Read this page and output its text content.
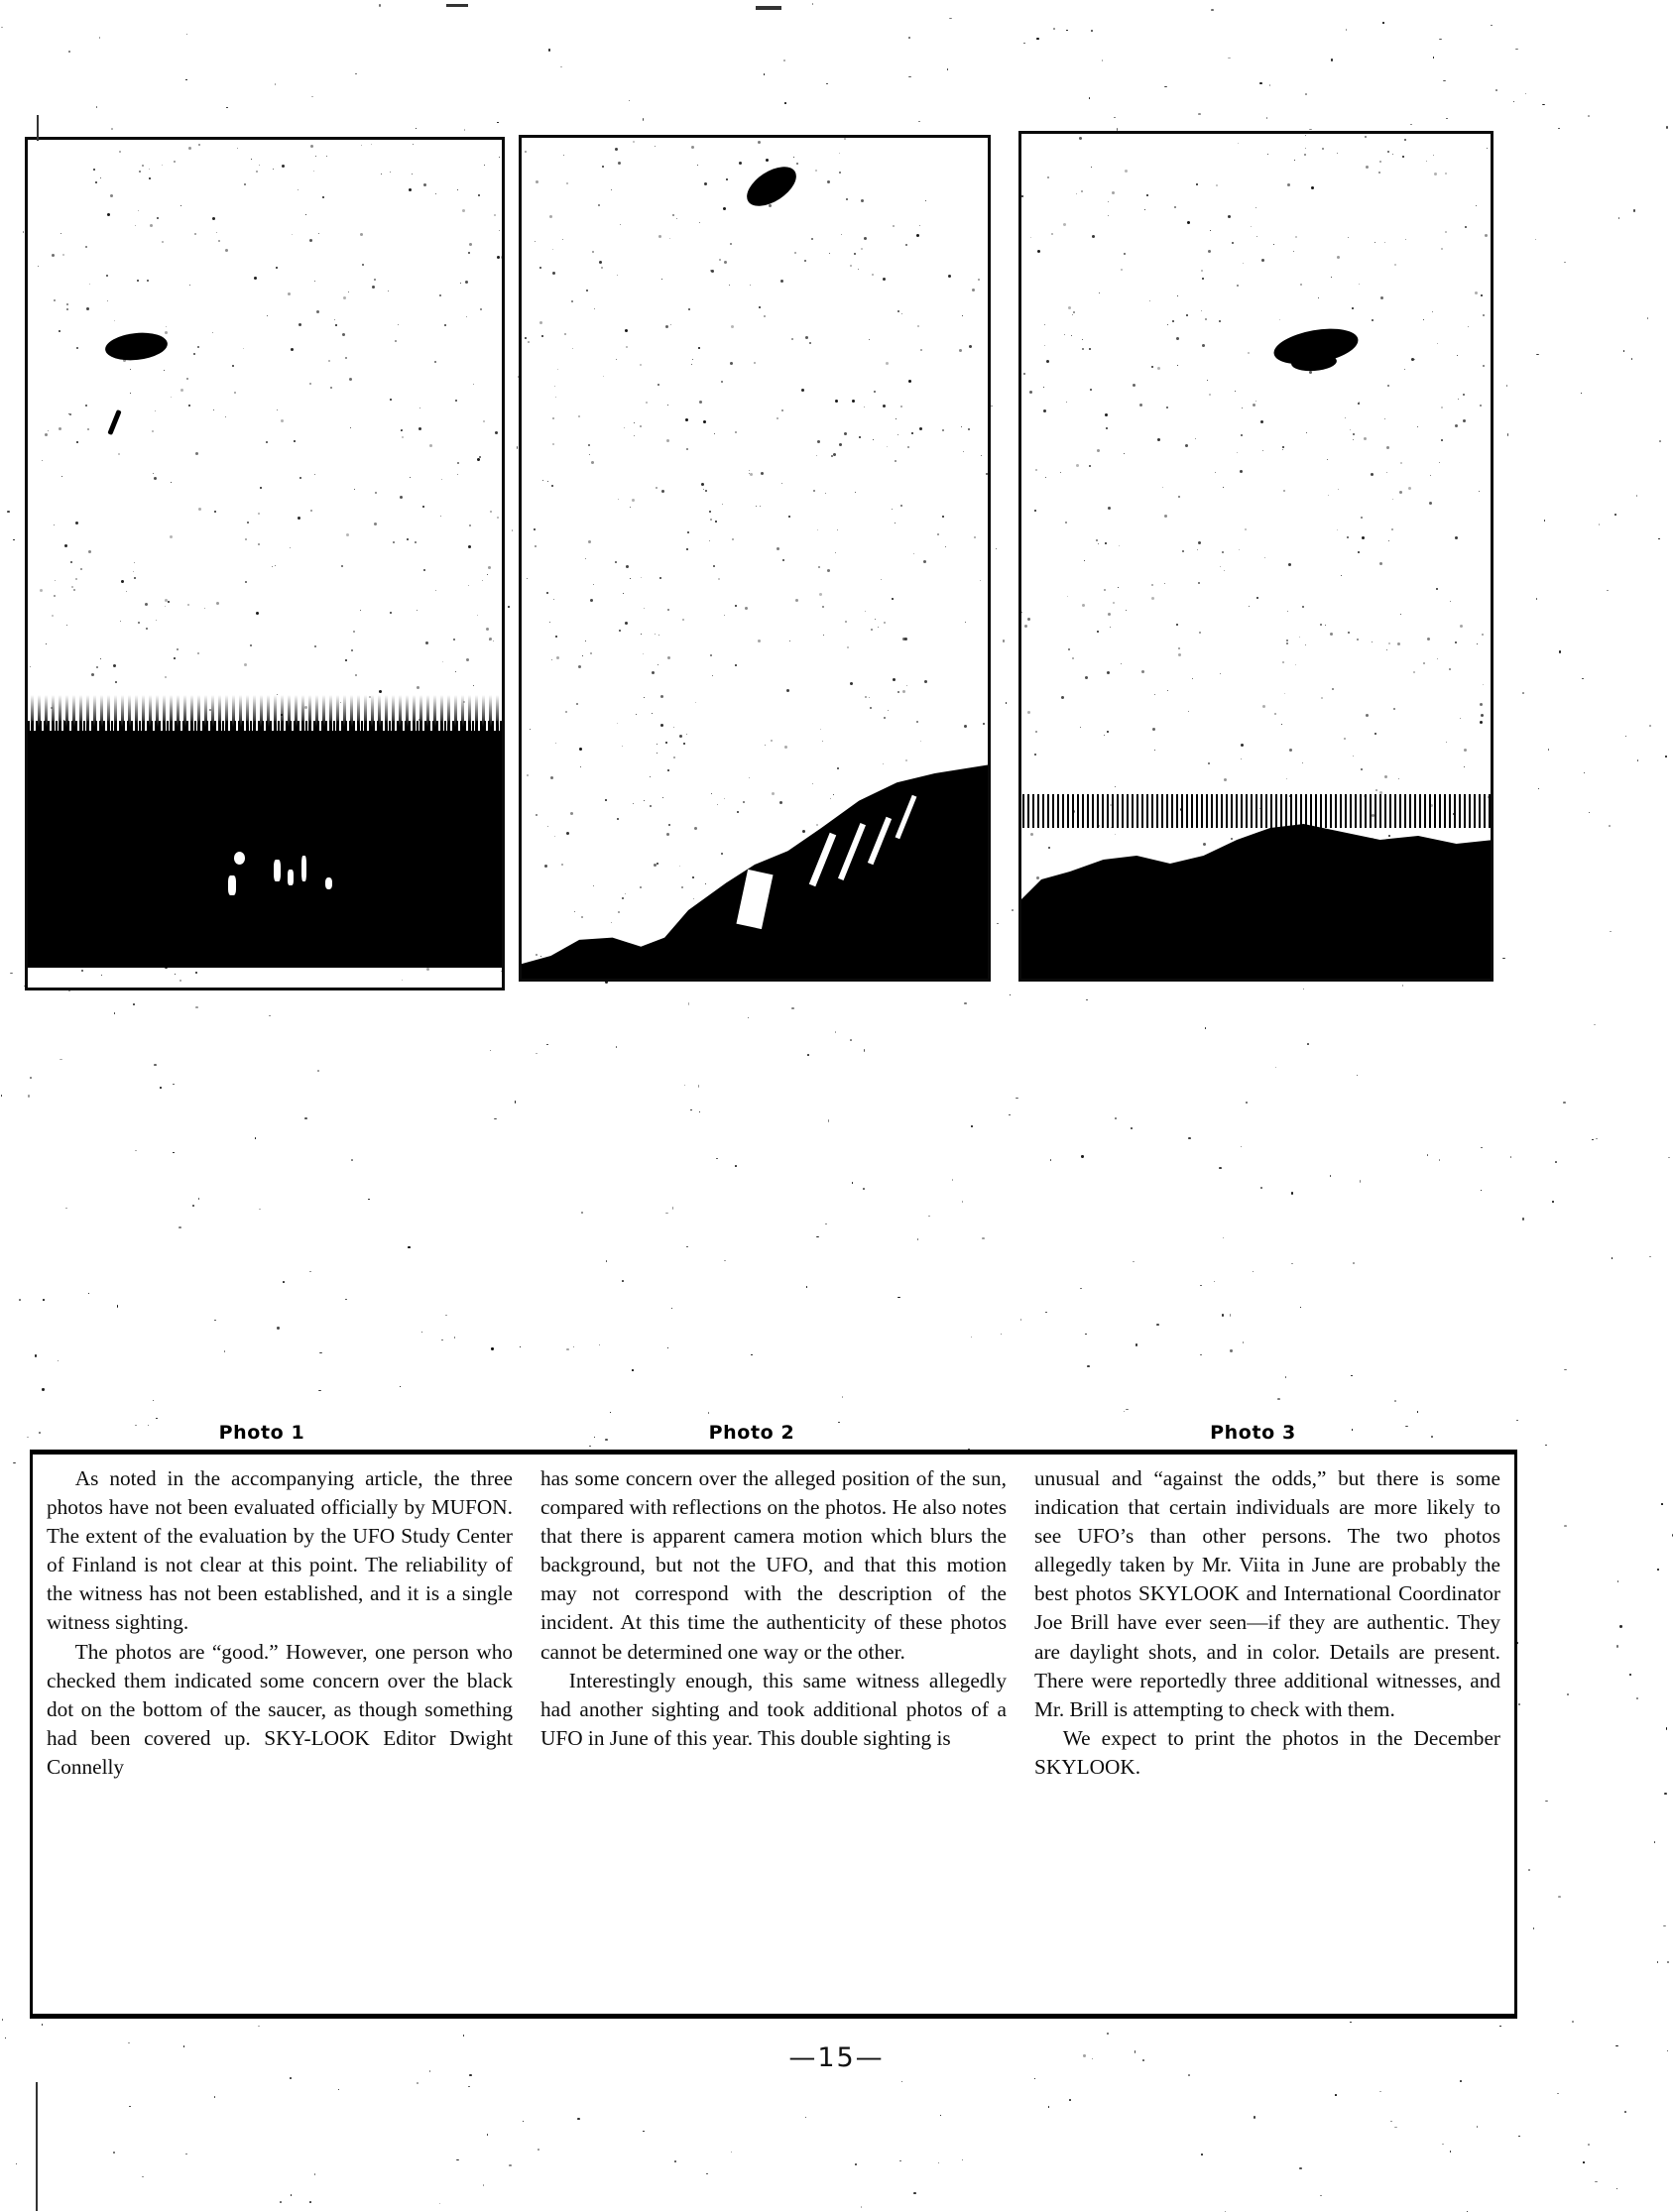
Photo 1	Photo 2	Photo 3

As noted in the accompanying article, the three photos have not been evaluated officially by MUFON. The extent of the evaluation by the UFO Study Center of Finland is not clear at this point. The reliability of the witness has not been established, and it is a single witness sighting.

The photos are “good.” However, one person who checked them indicated some concern over the black dot on the bottom of the saucer, as though something had been covered up. SKY-LOOK Editor Dwight Connelly

has some concern over the alleged position of the sun, compared with reflections on the photos. He also notes that there is apparent camera motion which blurs the background, but not the UFO, and that this motion may not correspond with the description of the incident. At this time the authenticity of these photos cannot be determined one way or the other.

Interestingly enough, this same witness allegedly had another sighting and took additional photos of a UFO in June of this year. This double sighting is

unusual and “against the odds,” but there is some indication that certain individuals are more likely to see UFO’s than other persons. The two photos allegedly taken by Mr. Viita in June are probably the best photos SKYLOOK and International Coordinator Joe Brill have ever seen—if they are authentic. They are daylight shots, and in color. Details are present. There were reportedly three additional witnesses, and Mr. Brill is attempting to check with them.

We expect to print the photos in the December SKYLOOK.

—15—
